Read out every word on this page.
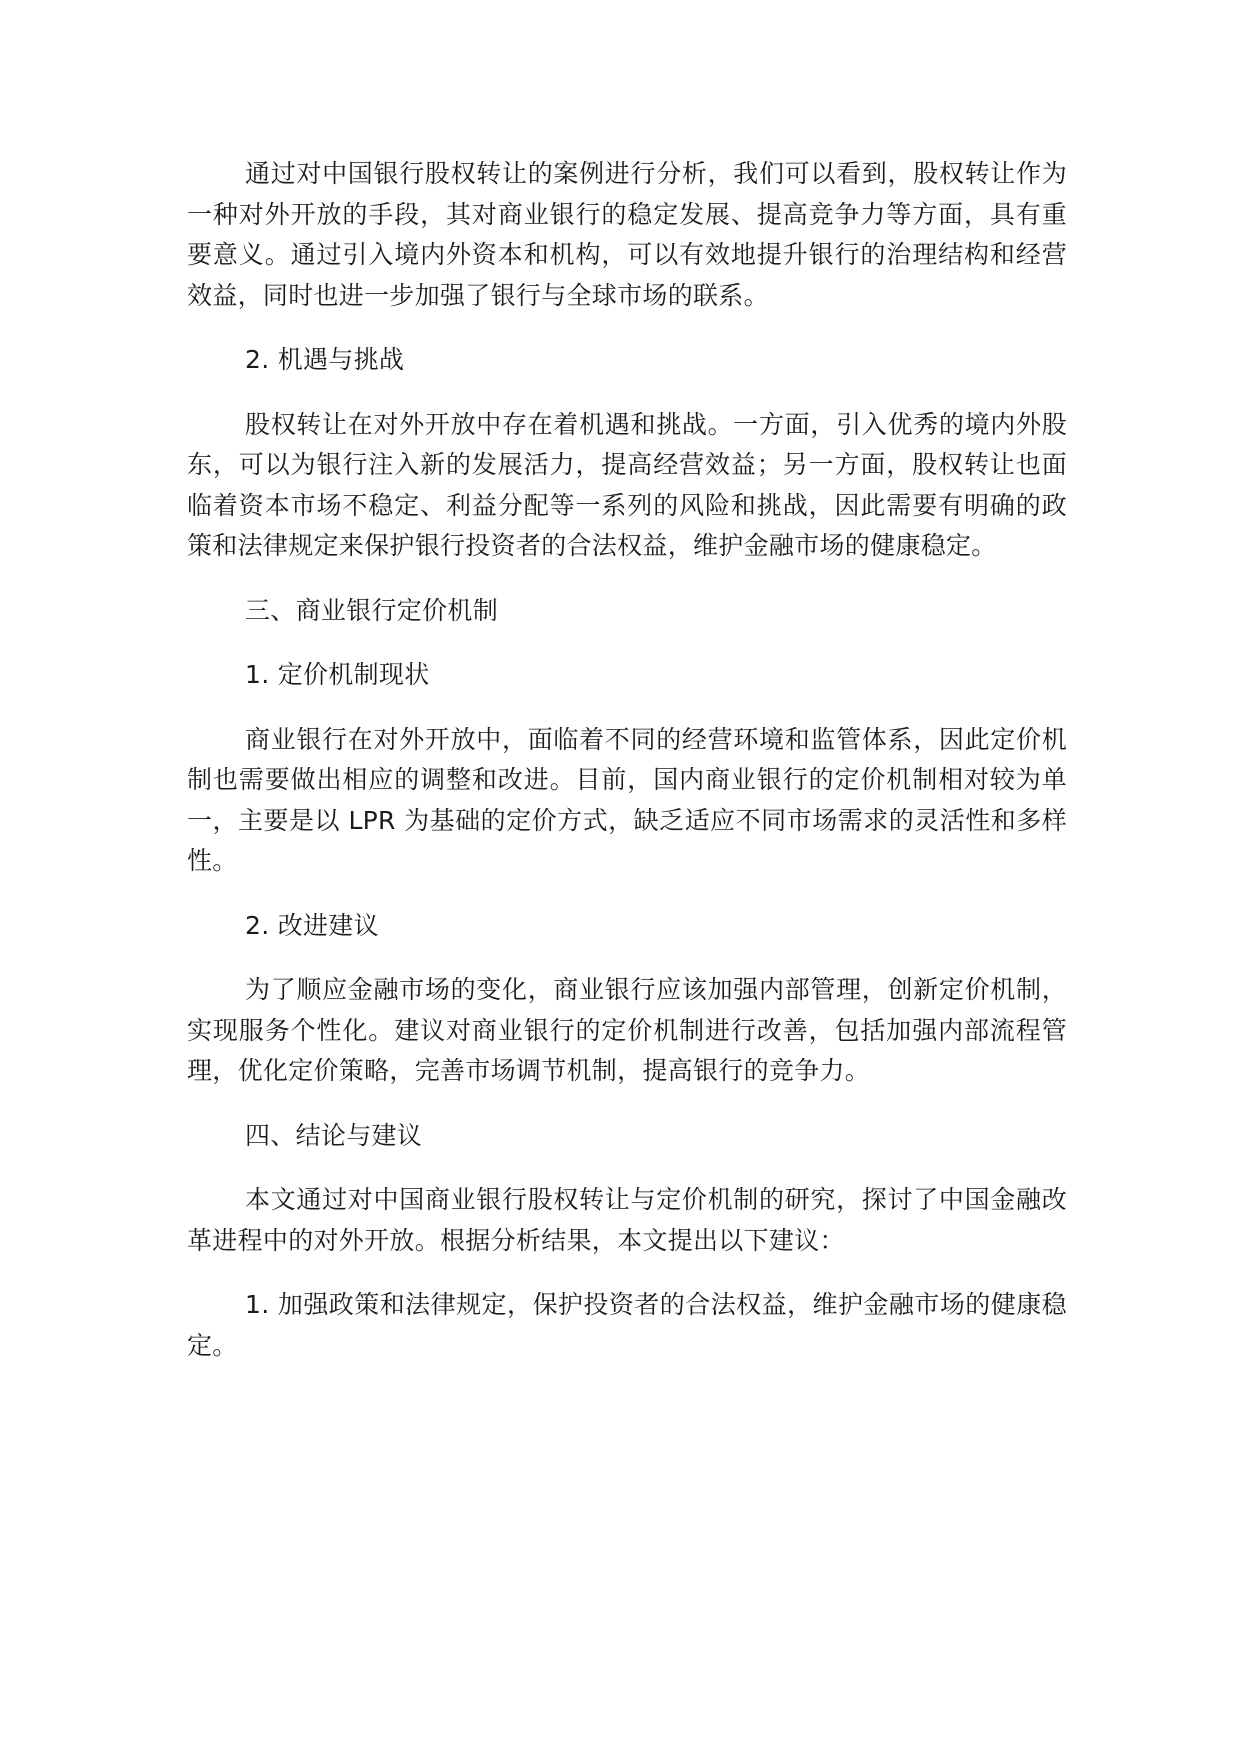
通过对中国银行股权转让的案例进行分析，我们可以看到，股权转让作为一种对外开放的手段，其对商业银行的稳定发展、提高竞争力等方面，具有重要意义。通过引入境内外资本和机构，可以有效地提升银行的治理结构和经营效益，同时也进一步加强了银行与全球市场的联系。

2. 机遇与挑战

股权转让在对外开放中存在着机遇和挑战。一方面，引入优秀的境内外股东，可以为银行注入新的发展活力，提高经营效益；另一方面，股权转让也面临着资本市场不稳定、利益分配等一系列的风险和挑战，因此需要有明确的政策和法律规定来保护银行投资者的合法权益，维护金融市场的健康稳定。

三、商业银行定价机制

1. 定价机制现状

商业银行在对外开放中，面临着不同的经营环境和监管体系，因此定价机制也需要做出相应的调整和改进。目前，国内商业银行的定价机制相对较为单一，主要是以 LPR 为基础的定价方式，缺乏适应不同市场需求的灵活性和多样性。

2. 改进建议

为了顺应金融市场的变化，商业银行应该加强内部管理，创新定价机制，实现服务个性化。建议对商业银行的定价机制进行改善，包括加强内部流程管理，优化定价策略，完善市场调节机制，提高银行的竞争力。

四、结论与建议

本文通过对中国商业银行股权转让与定价机制的研究，探讨了中国金融改革进程中的对外开放。根据分析结果，本文提出以下建议：

1. 加强政策和法律规定，保护投资者的合法权益，维护金融市场的健康稳定。
